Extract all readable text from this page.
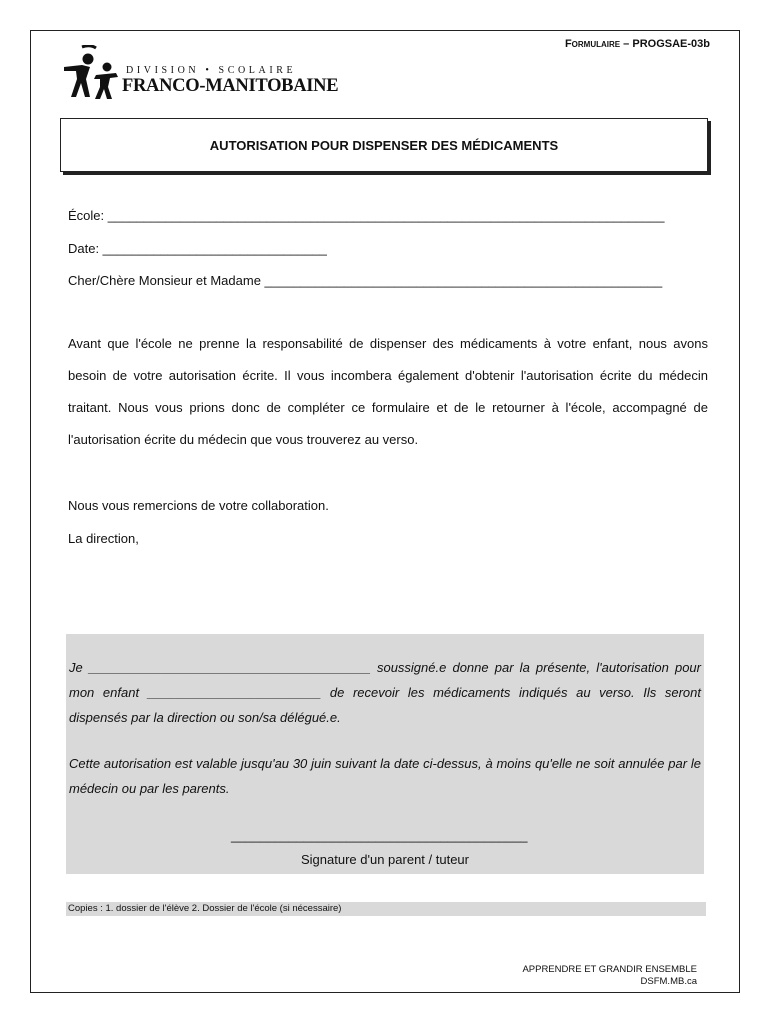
Formulaire – PROGSAE-03b
DIVISION • SCOLAIRE
FRANCO-MANITOBAINE
AUTORISATION POUR DISPENSER DES MÉDICAMENTS
École: _____________________________________________________________________________
Date: _______________________________
Cher/Chère Monsieur et Madame _______________________________________________________

Avant que l'école ne prenne la responsabilité de dispenser des médicaments à votre enfant, nous avons besoin de votre autorisation écrite. Il vous incombera également d'obtenir l'autorisation écrite du médecin traitant. Nous vous prions donc de compléter ce formulaire et de le retourner à l'école, accompagné de l'autorisation écrite du médecin que vous trouverez au verso.

Nous vous remercions de votre collaboration.
La direction,

Je _______________________________________ soussigné.e donne par la présente, l'autorisation pour mon enfant ________________________ de recevoir les médicaments indiqués au verso. Ils seront dispensés par la direction ou son/sa délégué.e.

Cette autorisation est valable jusqu'au 30 juin suivant la date ci-dessus, à moins qu'elle ne soit annulée par le médecin ou par les parents.

_________________________________________
Signature d'un parent / tuteur
Copies : 1. dossier de l'élève 2. Dossier de l'école (si nécessaire)
APPRENDRE ET GRANDIR ENSEMBLE
DSFM.MB.ca
